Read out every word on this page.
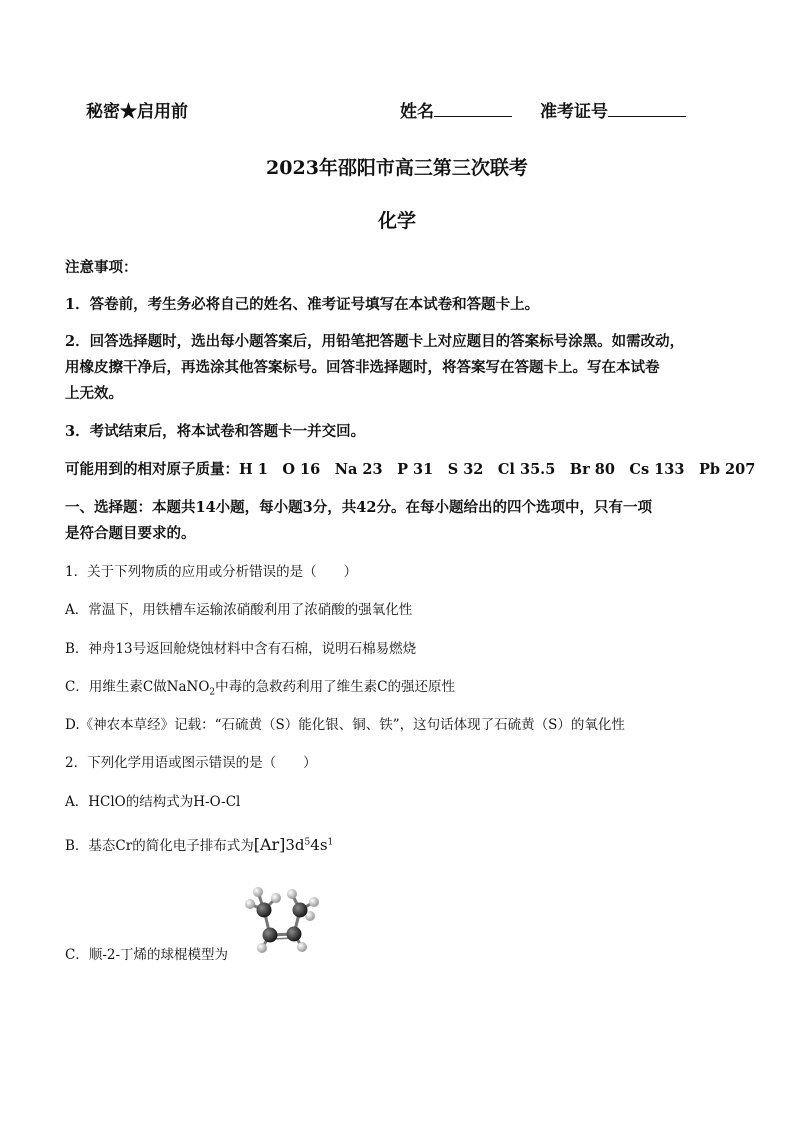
秘密★启用前	姓名	准考证号
2023年邵阳市高三第三次联考
化学
注意事项：
1．答卷前，考生务必将自己的姓名、准考证号填写在本试卷和答题卡上。
2．回答选择题时，选出每小题答案后，用铅笔把答题卡上对应题目的答案标号涂黑。如需改动，
用橡皮擦干净后，再选涂其他答案标号。回答非选择题时，将答案写在答题卡上。写在本试卷
上无效。
3．考试结束后，将本试卷和答题卡一并交回。
可能用到的相对原子质量：H 1　O 16　Na 23　P 31　S 32　Cl 35.5　Br 80　Cs 133　Pb 207
一、选择题：本题共14小题，每小题3分，共42分。在每小题给出的四个选项中，只有一项
是符合题目要求的。
1．关于下列物质的应用或分析错误的是（　　）
A．常温下，用铁槽车运输浓硝酸利用了浓硝酸的强氧化性
B．神舟13号返回舱烧蚀材料中含有石棉，说明石棉易燃烧
C．用维生素C做NaNO$_2$中毒的急救药利用了维生素C的强还原性
D.《神农本草经》记载：“石硫黄（S）能化银、铜、铁”，这句话体现了石硫黄（S）的氧化性
2．下列化学用语或图示错误的是（　　）
A．HClO的结构式为H-O-Cl
B．基态Cr的简化电子排布式为$[Ar]3d^54s^1$
C．顺-2-丁烯的球棍模型为
